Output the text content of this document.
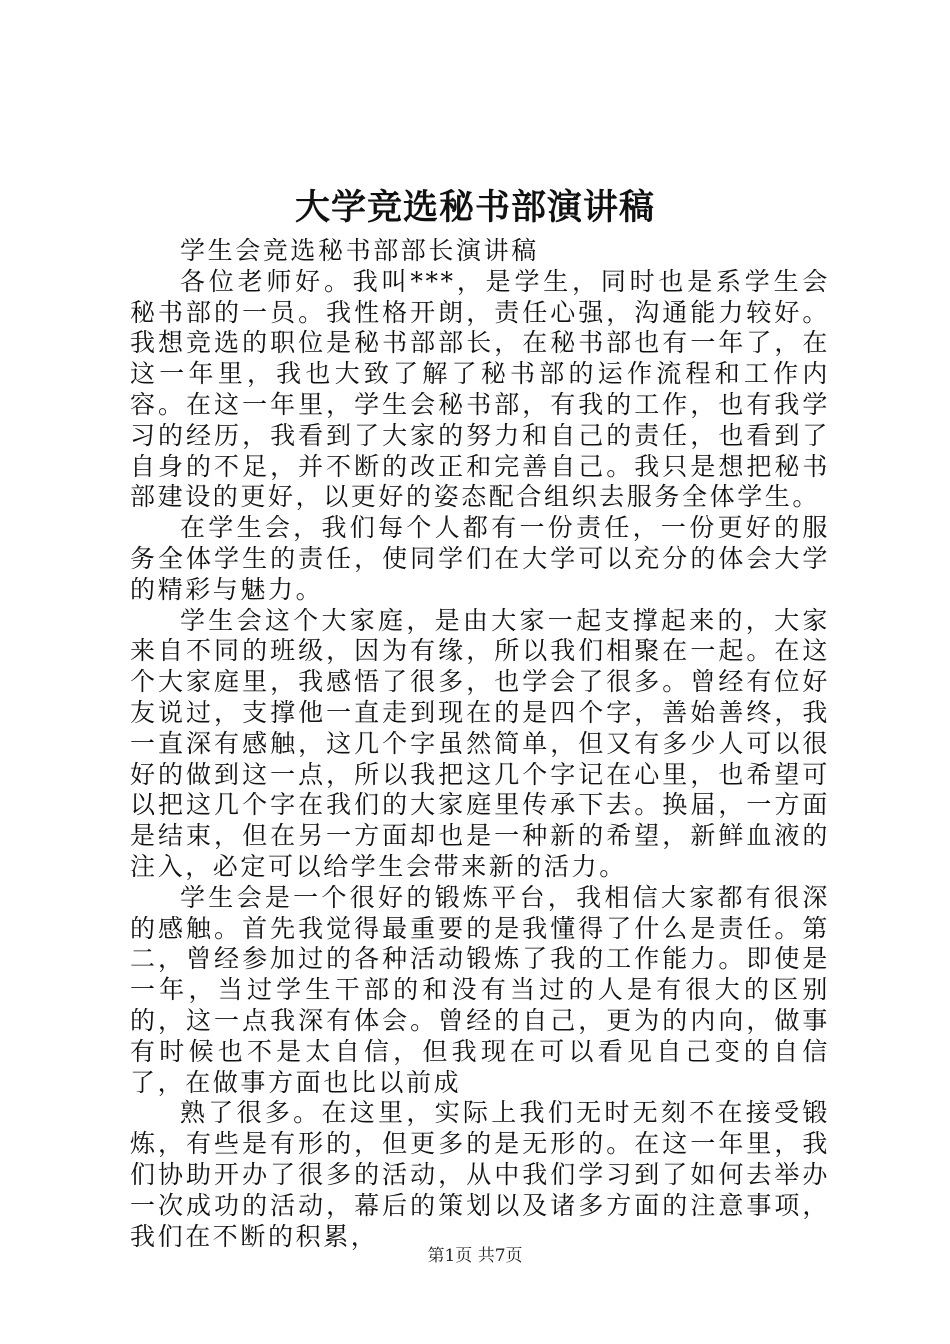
大学竞选秘书部演讲稿

学生会竞选秘书部部长演讲稿

各位老师好。我叫***，是学生，同时也是系学生会秘书部的一员。我性格开朗，责任心强，沟通能力较好。我想竞选的职位是秘书部部长，在秘书部也有一年了，在这一年里，我也大致了解了秘书部的运作流程和工作内容。在这一年里，学生会秘书部，有我的工作，也有我学习的经历，我看到了大家的努力和自己的责任，也看到了自身的不足，并不断的改正和完善自己。我只是想把秘书部建设的更好，以更好的姿态配合组织去服务全体学生。

在学生会，我们每个人都有一份责任，一份更好的服务全体学生的责任，使同学们在大学可以充分的体会大学的精彩与魅力。

学生会这个大家庭，是由大家一起支撑起来的，大家来自不同的班级，因为有缘，所以我们相聚在一起。在这个大家庭里，我感悟了很多，也学会了很多。曾经有位好友说过，支撑他一直走到现在的是四个字，善始善终，我一直深有感触，这几个字虽然简单，但又有多少人可以很好的做到这一点，所以我把这几个字记在心里，也希望可以把这几个字在我们的大家庭里传承下去。换届，一方面是结束，但在另一方面却也是一种新的希望，新鲜血液的注入，必定可以给学生会带来新的活力。

学生会是一个很好的锻炼平台，我相信大家都有很深的感触。首先我觉得最重要的是我懂得了什么是责任。第二，曾经参加过的各种活动锻炼了我的工作能力。即使是一年，当过学生干部的和没有当过的人是有很大的区别的，这一点我深有体会。曾经的自己，更为的内向，做事有时候也不是太自信，但我现在可以看见自己变的自信了，在做事方面也比以前成

熟了很多。在这里，实际上我们无时无刻不在接受锻炼，有些是有形的，但更多的是无形的。在这一年里，我们协助开办了很多的活动，从中我们学习到了如何去举办一次成功的活动，幕后的策划以及诸多方面的注意事项，我们在不断的积累，

第1页 共7页
